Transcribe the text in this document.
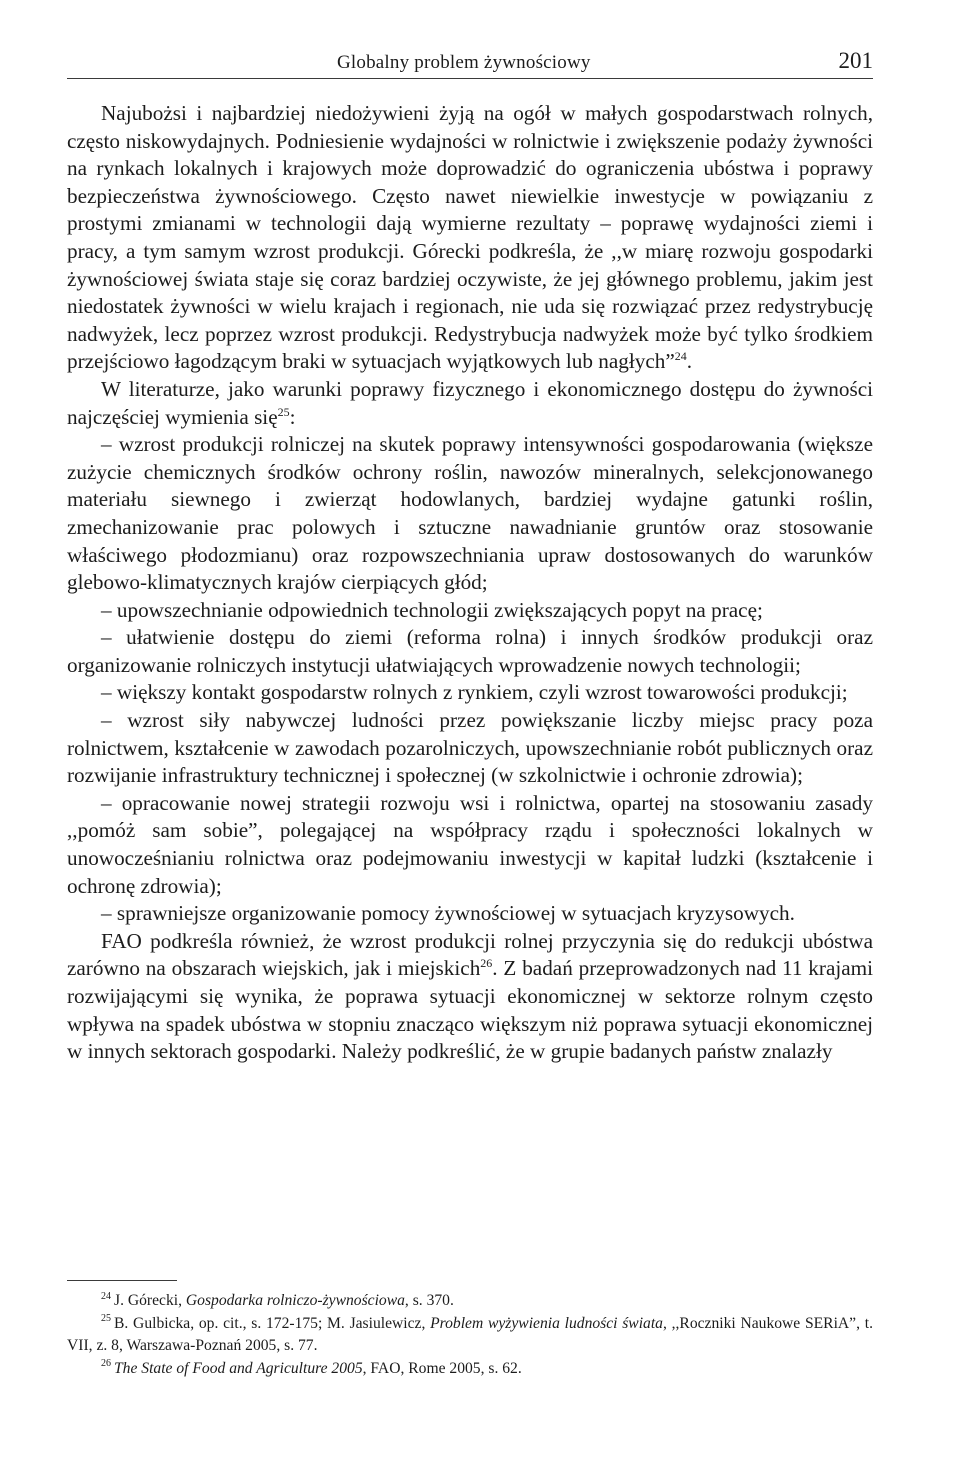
Globalny problem żywnościowy	201

Najubożsi i najbardziej niedożywieni żyją na ogół w małych gospodarstwach rolnych, często niskowydajnych. Podniesienie wydajności w rolnictwie i zwiększenie podaży żywności na rynkach lokalnych i krajowych może doprowadzić do ograniczenia ubóstwa i poprawy bezpieczeństwa żywnościowego. Często nawet niewielkie inwestycje w powiązaniu z prostymi zmianami w technologii dają wymierne rezultaty – poprawę wydajności ziemi i pracy, a tym samym wzrost produkcji. Górecki podkreśla, że ,,w miarę rozwoju gospodarki żywnościowej świata staje się coraz bardziej oczywiste, że jej głównego problemu, jakim jest niedostatek żywności w wielu krajach i regionach, nie uda się rozwiązać przez redystrybucję nadwyżek, lecz poprzez wzrost produkcji. Redystrybucja nadwyżek może być tylko środkiem przejściowo łagodzącym braki w sytuacjach wyjątkowych lub nagłych”$^{24}$.

W literaturze, jako warunki poprawy fizycznego i ekonomicznego dostępu do żywności najczęściej wymienia się$^{25}$:

– wzrost produkcji rolniczej na skutek poprawy intensywności gospodarowania (większe zużycie chemicznych środków ochrony roślin, nawozów mineralnych, selekcjonowanego materiału siewnego i zwierząt hodowlanych, bardziej wydajne gatunki roślin, zmechanizowanie prac polowych i sztuczne nawadnianie gruntów oraz stosowanie właściwego płodozmianu) oraz rozpowszechniania upraw dostosowanych do warunków glebowo-klimatycznych krajów cierpiących głód;

– upowszechnianie odpowiednich technologii zwiększających popyt na pracę;

– ułatwienie dostępu do ziemi (reforma rolna) i innych środków produkcji oraz organizowanie rolniczych instytucji ułatwiających wprowadzenie nowych technologii;

– większy kontakt gospodarstw rolnych z rynkiem, czyli wzrost towarowości produkcji;

– wzrost siły nabywczej ludności przez powiększanie liczby miejsc pracy poza rolnictwem, kształcenie w zawodach pozarolniczych, upowszechnianie robót publicznych oraz rozwijanie infrastruktury technicznej i społecznej (w szkolnictwie i ochronie zdrowia);

– opracowanie nowej strategii rozwoju wsi i rolnictwa, opartej na stosowaniu zasady ,,pomóż sam sobie”, polegającej na współpracy rządu i społeczności lokalnych w unowocześnianiu rolnictwa oraz podejmowaniu inwestycji w kapitał ludzki (kształcenie i ochronę zdrowia);

– sprawniejsze organizowanie pomocy żywnościowej w sytuacjach kryzysowych.

FAO podkreśla również, że wzrost produkcji rolnej przyczynia się do redukcji ubóstwa zarówno na obszarach wiejskich, jak i miejskich$^{26}$. Z badań przeprowadzonych nad 11 krajami rozwijającymi się wynika, że poprawa sytuacji ekonomicznej w sektorze rolnym często wpływa na spadek ubóstwa w stopniu znacząco większym niż poprawa sytuacji ekonomicznej w innych sektorach gospodarki. Należy podkreślić, że w grupie badanych państw znalazły

$^{24}$ J. Górecki, Gospodarka rolniczo-żywnościowa, s. 370.

$^{25}$ B. Gulbicka, op. cit., s. 172-175; M. Jasiulewicz, Problem wyżywienia ludności świata, ,,Roczniki Naukowe SERiA”, t. VII, z. 8, Warszawa-Poznań 2005, s. 77.

$^{26}$ The State of Food and Agriculture 2005, FAO, Rome 2005, s. 62.
